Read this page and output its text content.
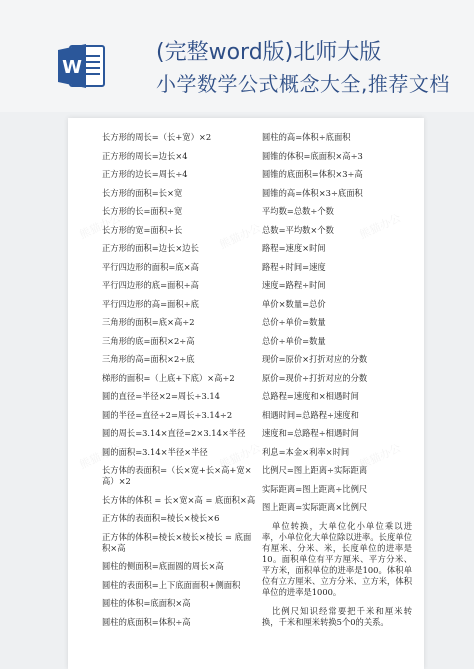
W
(完整word版)北师大版
小学数学公式概念大全,推荐文档
熊猫办公	熊猫办公	熊猫办公
熊猫办公	熊猫办公	熊猫办公
长方形的周长=（长+宽）×2
正方形的周长=边长×4
正方形的边长=周长÷4
长方形的面积=长×宽
长方形的长=面积÷宽
长方形的宽=面积÷长
正方形的面积=边长×边长
平行四边形的面积=底×高
平行四边形的底=面积÷高
平行四边形的高=面积÷底
三角形的面积=底×高÷2
三角形的底=面积×2÷高
三角形的高=面积×2÷底
梯形的面积=（上底+下底）×高÷2
圆的直径=半径×2=周长÷3.14
圆的半径=直径÷2=周长÷3.14÷2
圆的周长=3.14×直径=2×3.14×半径
圆的面积=3.14×半径×半径
长方体的表面积=（长×宽+长×高+宽×高）×2
长方体的体积 = 长×宽×高 = 底面积×高
正方体的表面积=棱长×棱长×6
正方体的体积=棱长×棱长×棱长 = 底面积×高
圆柱的侧面积=底面圆的周长×高
圆柱的表面积=上下底面面积+侧面积
圆柱的体积=底面积×高
圆柱的底面积=体积÷高
圆柱的高=体积÷底面积
圆锥的体积=底面积×高÷3
圆锥的底面积=体积×3÷高
圆锥的高=体积×3÷底面积
平均数=总数÷个数
总数=平均数×个数
路程=速度×时间
路程÷时间=速度
速度=路程÷时间
单价×数量=总价
总价÷单价=数量
总价÷单价=数量
现价=原价×打折对应的分数
原价=现价÷打折对应的分数
总路程=速度和×相遇时间
相遇时间=总路程÷速度和
速度和=总路程÷相遇时间
利息=本金×利率×时间
比例尺=图上距离÷实际距离
实际距离=图上距离÷比例尺
图上距离=实际距离×比例尺
单位转换，大单位化小单位乘以进率，小单位化大单位除以进率。长度单位有厘米、分米、米，长度单位的进率是10。面积单位有平方厘米、平方分米、平方米，面积单位的进率是100。体积单位有立方厘米、立方分米、立方米，体积单位的进率是1000。
比例尺知识经常要把千米和厘米转换，千米和厘米转换5个0的关系。
